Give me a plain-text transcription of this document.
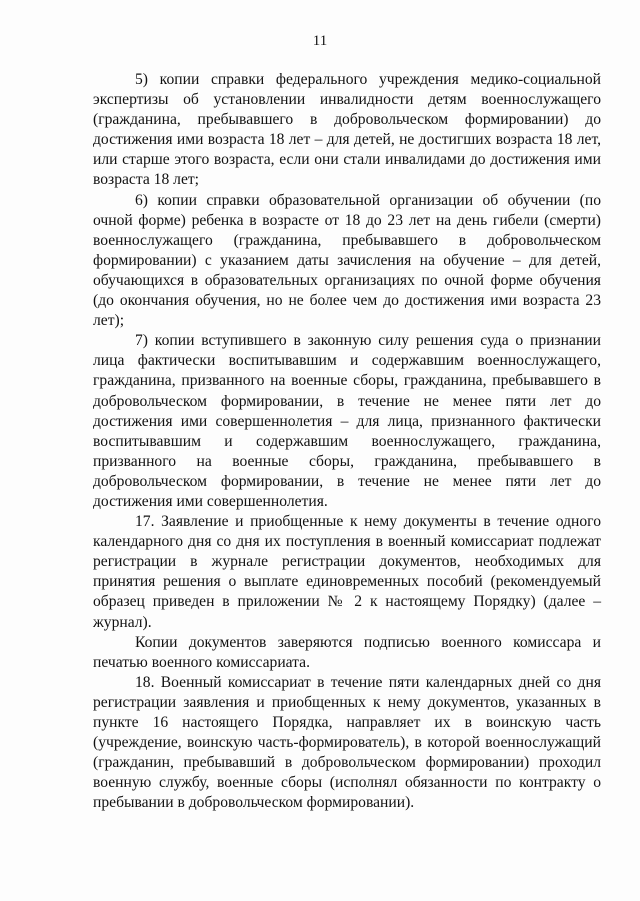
11

5) копии справки федерального учреждения медико-социальной экспертизы об установлении инвалидности детям военнослужащего (гражданина, пребывавшего в добровольческом формировании) до достижения ими возраста 18 лет – для детей, не достигших возраста 18 лет, или старше этого возраста, если они стали инвалидами до достижения ими возраста 18 лет;

6) копии справки образовательной организации об обучении (по очной форме) ребенка в возрасте от 18 до 23 лет на день гибели (смерти) военнослужащего (гражданина, пребывавшего в добровольческом формировании) с указанием даты зачисления на обучение – для детей, обучающихся в образовательных организациях по очной форме обучения (до окончания обучения, но не более чем до достижения ими возраста 23 лет);

7) копии вступившего в законную силу решения суда о признании лица фактически воспитывавшим и содержавшим военнослужащего, гражданина, призванного на военные сборы, гражданина, пребывавшего в добровольческом формировании, в течение не менее пяти лет до достижения ими совершеннолетия – для лица, признанного фактически воспитывавшим и содержавшим военнослужащего, гражданина, призванного на военные сборы, гражданина, пребывавшего в добровольческом формировании, в течение не менее пяти лет до достижения ими совершеннолетия.

17. Заявление и приобщенные к нему документы в течение одного календарного дня со дня их поступления в военный комиссариат подлежат регистрации в журнале регистрации документов, необходимых для принятия решения о выплате единовременных пособий (рекомендуемый образец приведен в приложении № 2 к настоящему Порядку) (далее – журнал).

Копии документов заверяются подписью военного комиссара и печатью военного комиссариата.

18. Военный комиссариат в течение пяти календарных дней со дня регистрации заявления и приобщенных к нему документов, указанных в пункте 16 настоящего Порядка, направляет их в воинскую часть (учреждение, воинскую часть-формирователь), в которой военнослужащий (гражданин, пребывавший в добровольческом формировании) проходил военную службу, военные сборы (исполнял обязанности по контракту о пребывании в добровольческом формировании).
